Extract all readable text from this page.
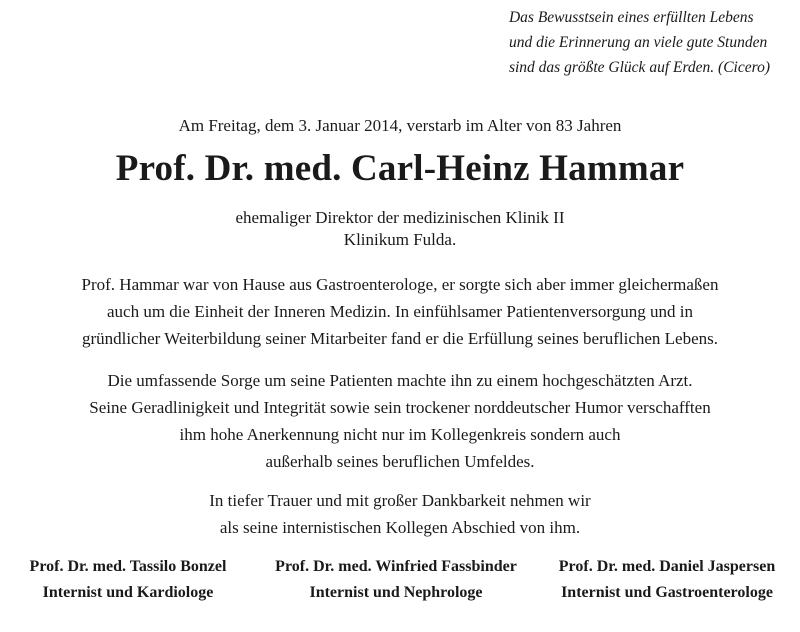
Das Bewusstsein eines erfüllten Lebens
und die Erinnerung an viele gute Stunden
sind das größte Glück auf Erden. (Cicero)
Am Freitag, dem 3. Januar 2014, verstarb im Alter von 83 Jahren
Prof. Dr. med. Carl-Heinz Hammar
ehemaliger Direktor der medizinischen Klinik II
Klinikum Fulda.
Prof. Hammar war von Hause aus Gastroenterologe, er sorgte sich aber immer gleichermaßen
auch um die Einheit der Inneren Medizin. In einfühlsamer Patientenversorgung und in
gründlicher Weiterbildung seiner Mitarbeiter fand er die Erfüllung seines beruflichen Lebens.
Die umfassende Sorge um seine Patienten machte ihn zu einem hochgeschätzten Arzt.
Seine Geradlinigkeit und Integrität sowie sein trockener norddeutscher Humor verschafften
ihm hohe Anerkennung nicht nur im Kollegenkreis sondern auch
außerhalb seines beruflichen Umfeldes.
In tiefer Trauer und mit großer Dankbarkeit nehmen wir
als seine internistischen Kollegen Abschied von ihm.
Prof. Dr. med. Tassilo Bonzel
Internist und Kardiologe
Prof. Dr. med. Winfried Fassbinder
Internist und Nephrologe
Prof. Dr. med. Daniel Jaspersen
Internist und Gastroenterologe
